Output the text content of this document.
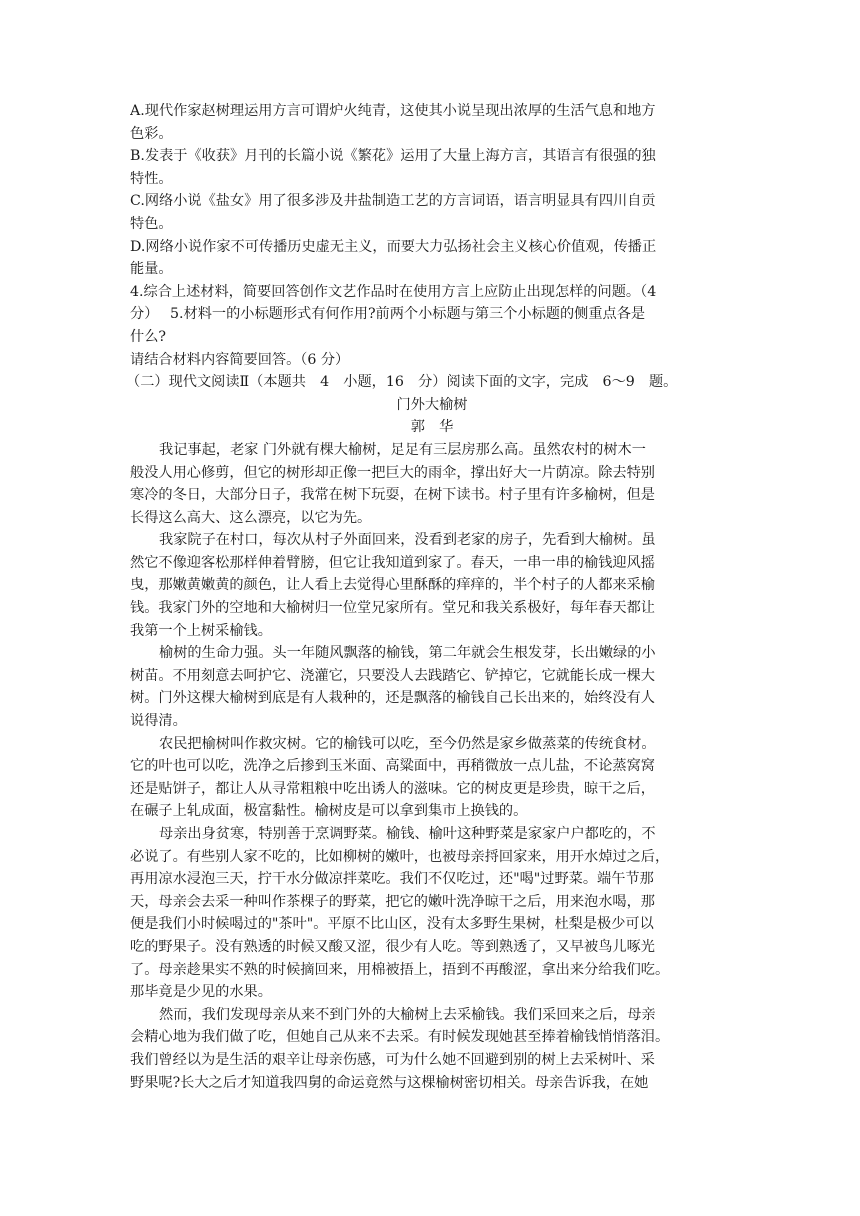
A.现代作家赵树理运用方言可谓炉火纯青，这使其小说呈现出浓厚的生活气息和地方
色彩。
B.发表于《收获》月刊的长篇小说《繁花》运用了大量上海方言，其语言有很强的独
特性。
C.网络小说《盐女》用了很多涉及井盐制造工艺的方言词语，语言明显具有四川自贡
特色。
D.网络小说作家不可传播历史虚无主义，而要大力弘扬社会主义核心价值观，传播正
能量。
4.综合上述材料，简要回答创作文艺作品时在使用方言上应防止出现怎样的问题。（4
分）　 5.材料一的小标题形式有何作用?前两个小标题与第三个小标题的侧重点各是
什么?
请结合材料内容简要回答。（6 分）
（二）现代文阅读Ⅱ（本题共　4　小题，16　分）阅读下面的文字，完成　6～9　题。
门外大榆树
郭　华
我记事起，老家 门外就有棵大榆树，足足有三层房那么高。虽然农村的树木一
般没人用心修剪，但它的树形却正像一把巨大的雨伞，撑出好大一片荫凉。除去特别
寒冷的冬日，大部分日子，我常在树下玩耍，在树下读书。村子里有许多榆树，但是
长得这么高大、这么漂亮，以它为先。
我家院子在村口，每次从村子外面回来，没看到老家的房子，先看到大榆树。虽
然它不像迎客松那样伸着臂膀，但它让我知道到家了。春天，一串一串的榆钱迎风摇
曳，那嫩黄嫩黄的颜色，让人看上去觉得心里酥酥的痒痒的，半个村子的人都来采榆
钱。我家门外的空地和大榆树归一位堂兄家所有。堂兄和我关系极好，每年春天都让
我第一个上树采榆钱。
榆树的生命力强。头一年随风飘落的榆钱，第二年就会生根发芽，长出嫩绿的小
树苗。不用刻意去呵护它、浇灌它，只要没人去践踏它、铲掉它，它就能长成一棵大
树。门外这棵大榆树到底是有人栽种的，还是飘落的榆钱自己长出来的，始终没有人
说得清。
农民把榆树叫作救灾树。它的榆钱可以吃，至今仍然是家乡做蒸菜的传统食材。
它的叶也可以吃，洗净之后掺到玉米面、高粱面中，再稍微放一点儿盐，不论蒸窝窝
还是贴饼子，都让人从寻常粗粮中吃出诱人的滋味。它的树皮更是珍贵，晾干之后，
在碾子上轧成面，极富黏性。榆树皮是可以拿到集市上换钱的。
母亲出身贫寒，特别善于烹调野菜。榆钱、榆叶这种野菜是家家户户都吃的，不
必说了。有些别人家不吃的，比如柳树的嫩叶，也被母亲捋回家来，用开水焯过之后，
再用凉水浸泡三天，拧干水分做凉拌菜吃。我们不仅吃过，还"喝"过野菜。端午节那
天，母亲会去采一种叫作茶棵子的野菜，把它的嫩叶洗净晾干之后，用来泡水喝，那
便是我们小时候喝过的"茶叶"。平原不比山区，没有太多野生果树，杜梨是极少可以
吃的野果子。没有熟透的时候又酸又涩，很少有人吃。等到熟透了，又早被鸟儿啄光
了。母亲趁果实不熟的时候摘回来，用棉被捂上，捂到不再酸涩，拿出来分给我们吃。
那毕竟是少见的水果。
然而，我们发现母亲从来不到门外的大榆树上去采榆钱。我们采回来之后，母亲
会精心地为我们做了吃，但她自己从来不去采。有时候发现她甚至捧着榆钱悄悄落泪。
我们曾经以为是生活的艰辛让母亲伤感，可为什么她不回避到别的树上去采树叶、采
野果呢?长大之后才知道我四舅的命运竟然与这棵榆树密切相关。母亲告诉我，在她
